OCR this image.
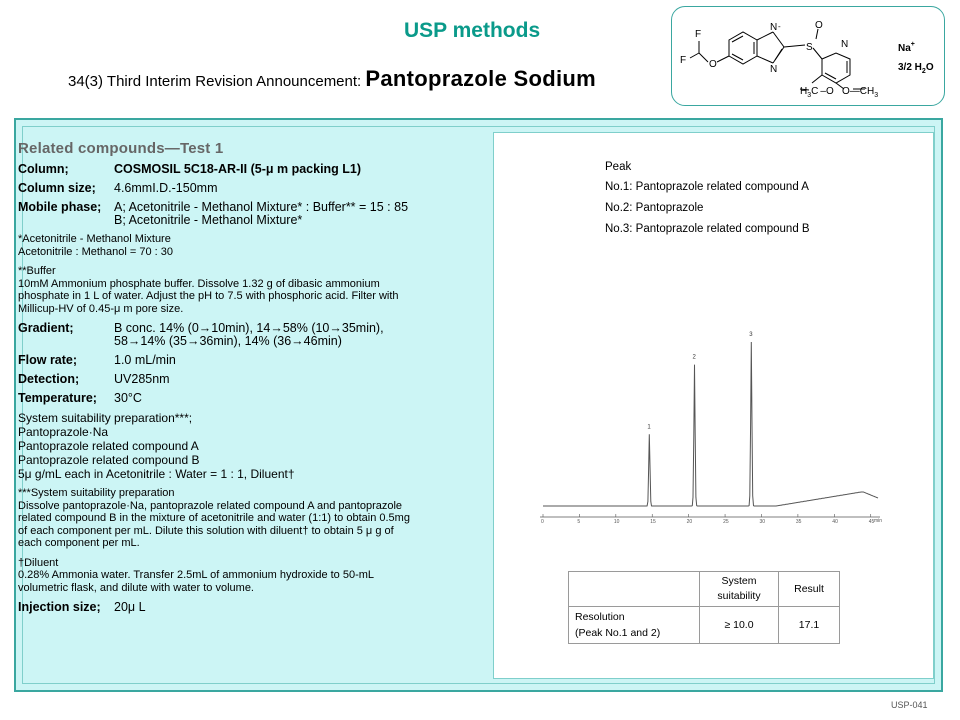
USP methods
34(3) Third Interim Revision Announcement: Pantoprazole Sodium
F
F O
N -
N
S
O
N	Na+
3/2 $H_2O$
$H_3C$ –O $O—CH_3$
Related compounds—Test 1
Column;	COSMOSIL 5C18-AR-II (5-μ m packing L1)
Column size;	4.6mmI.D.-150mm
Mobile phase;	A; Acetonitrile - Methanol Mixture* : Buffer** = 15 : 85
B; Acetonitrile - Methanol Mixture*
*Acetonitrile - Methanol Mixture
Acetonitrile : Methanol = 70 : 30
**Buffer
10mM Ammonium phosphate buffer. Dissolve 1.32 g of dibasic ammonium
phosphate in 1 L of water. Adjust the pH to 7.5 with phosphoric acid. Filter with
Millicup-HV of 0.45-μ m pore size.
Gradient;	B conc. 14% (0→10min), 14→58% (10→35min),
58→14% (35→36min), 14% (36→46min)
Flow rate;	1.0 mL/min
Detection;	UV285nm
Temperature;	30°C
System suitability preparation***;
Pantoprazole·Na
Pantoprazole related compound A
Pantoprazole related compound B
5μ g/mL each in Acetonitrile : Water = 1 : 1, Diluent†
***System suitability preparation
Dissolve pantoprazole·Na, pantoprazole related compound A and pantoprazole
related compound B in the mixture of acetonitrile and water (1:1) to obtain 0.5mg
of each component per mL. Dilute this solution with diluent† to obtain 5 μ g of
each component per mL.
†Diluent
0.28% Ammonia water. Transfer 2.5mL of ammonium hydroxide to 50-mL
volumetric flask, and dilute with water to volume.
Injection size;	20μ L
Peak
No.1: Pantoprazole related compound A
No.2: Pantoprazole
No.3: Pantoprazole related compound B
0	5	10	15	20	25	30	35	40	45
1
2
3
min
	System suitability	Result

Resolution
(Peak No.1 and 2)	≥ 10.0	17.1
USP-041
